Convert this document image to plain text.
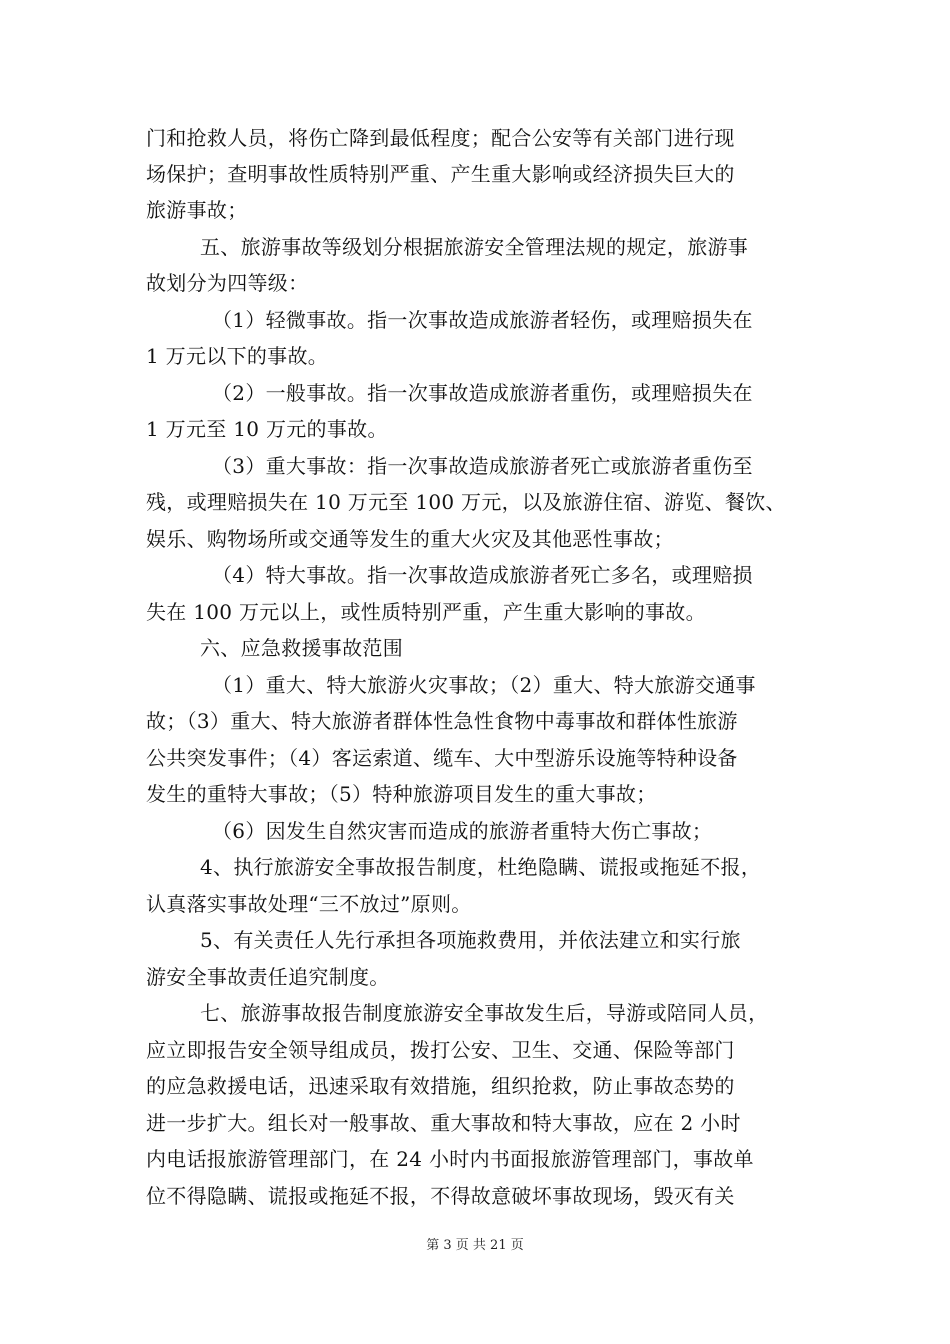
门和抢救人员，将伤亡降到最低程度；配合公安等有关部门进行现
场保护；查明事故性质特别严重、产生重大影响或经济损失巨大的
旅游事故；
五、旅游事故等级划分根据旅游安全管理法规的规定，旅游事
故划分为四等级：
（1）轻微事故。指一次事故造成旅游者轻伤，或理赔损失在
1 万元以下的事故。
（2）一般事故。指一次事故造成旅游者重伤，或理赔损失在
1 万元至 10 万元的事故。
（3）重大事故：指一次事故造成旅游者死亡或旅游者重伤至
残，或理赔损失在 10 万元至 100 万元，以及旅游住宿、游览、餐饮、
娱乐、购物场所或交通等发生的重大火灾及其他恶性事故；
（4）特大事故。指一次事故造成旅游者死亡多名，或理赔损
失在 100 万元以上，或性质特别严重，产生重大影响的事故。
六、应急救援事故范围
（1）重大、特大旅游火灾事故；（2）重大、特大旅游交通事
故；（3）重大、特大旅游者群体性急性食物中毒事故和群体性旅游
公共突发事件；（4）客运索道、缆车、大中型游乐设施等特种设备
发生的重特大事故；（5）特种旅游项目发生的重大事故；
（6）因发生自然灾害而造成的旅游者重特大伤亡事故；
4、执行旅游安全事故报告制度，杜绝隐瞒、谎报或拖延不报，
认真落实事故处理“三不放过”原则。
5、有关责任人先行承担各项施救费用，并依法建立和实行旅
游安全事故责任追究制度。
七、旅游事故报告制度旅游安全事故发生后，导游或陪同人员，
应立即报告安全领导组成员，拨打公安、卫生、交通、保险等部门
的应急救援电话，迅速采取有效措施，组织抢救，防止事故态势的
进一步扩大。组长对一般事故、重大事故和特大事故，应在 2 小时
内电话报旅游管理部门，在 24 小时内书面报旅游管理部门，事故单
位不得隐瞒、谎报或拖延不报，不得故意破坏事故现场，毁灭有关
第 3 页 共 21 页
